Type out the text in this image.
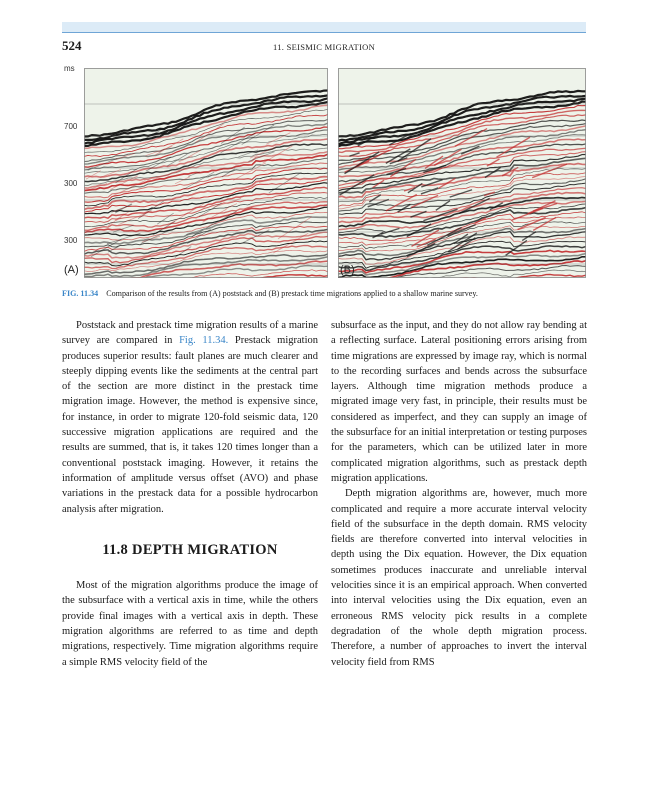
524	11. SEISMIC MIGRATION
ms
700
300
300
(A)	(B)
FIG. 11.34 Comparison of the results from (A) poststack and (B) prestack time migrations applied to a shallow marine survey.

Poststack and prestack time migration results of a marine survey are compared in Fig. 11.34. Prestack migration produces superior results: fault planes are much clearer and steeply dipping events like the sediments at the central part of the section are more distinct in the prestack time migration image. However, the method is expensive since, for instance, in order to migrate 120-fold seismic data, 120 successive migration applications are required and the results are summed, that is, it takes 120 times longer than a conventional poststack imaging. However, it retains the information of amplitude versus offset (AVO) and phase variations in the prestack data for a possible hydrocarbon analysis after migration.

11.8 DEPTH MIGRATION

Most of the migration algorithms produce the image of the subsurface with a vertical axis in time, while the others provide final images with a vertical axis in depth. These migration algorithms are referred to as time and depth migrations, respectively. Time migration algorithms require a simple RMS velocity field of the

subsurface as the input, and they do not allow ray bending at a reflecting surface. Lateral positioning errors arising from time migrations are expressed by image ray, which is normal to the recording surfaces and bends across the subsurface layers. Although time migration methods produce a migrated image very fast, in principle, their results must be considered as imperfect, and they can supply an image of the subsurface for an initial interpretation or testing purposes for the parameters, which can be utilized later in more complicated migration algorithms, such as prestack depth migration applications.

Depth migration algorithms are, however, much more complicated and require a more accurate interval velocity field of the subsurface in the depth domain. RMS velocity fields are therefore converted into interval velocities in depth using the Dix equation. However, the Dix equation sometimes produces inaccurate and unreliable interval velocities since it is an empirical approach. When converted into interval velocities using the Dix equation, even an erroneous RMS velocity pick results in a complete degradation of the whole depth migration process. Therefore, a number of approaches to invert the interval velocity field from RMS
